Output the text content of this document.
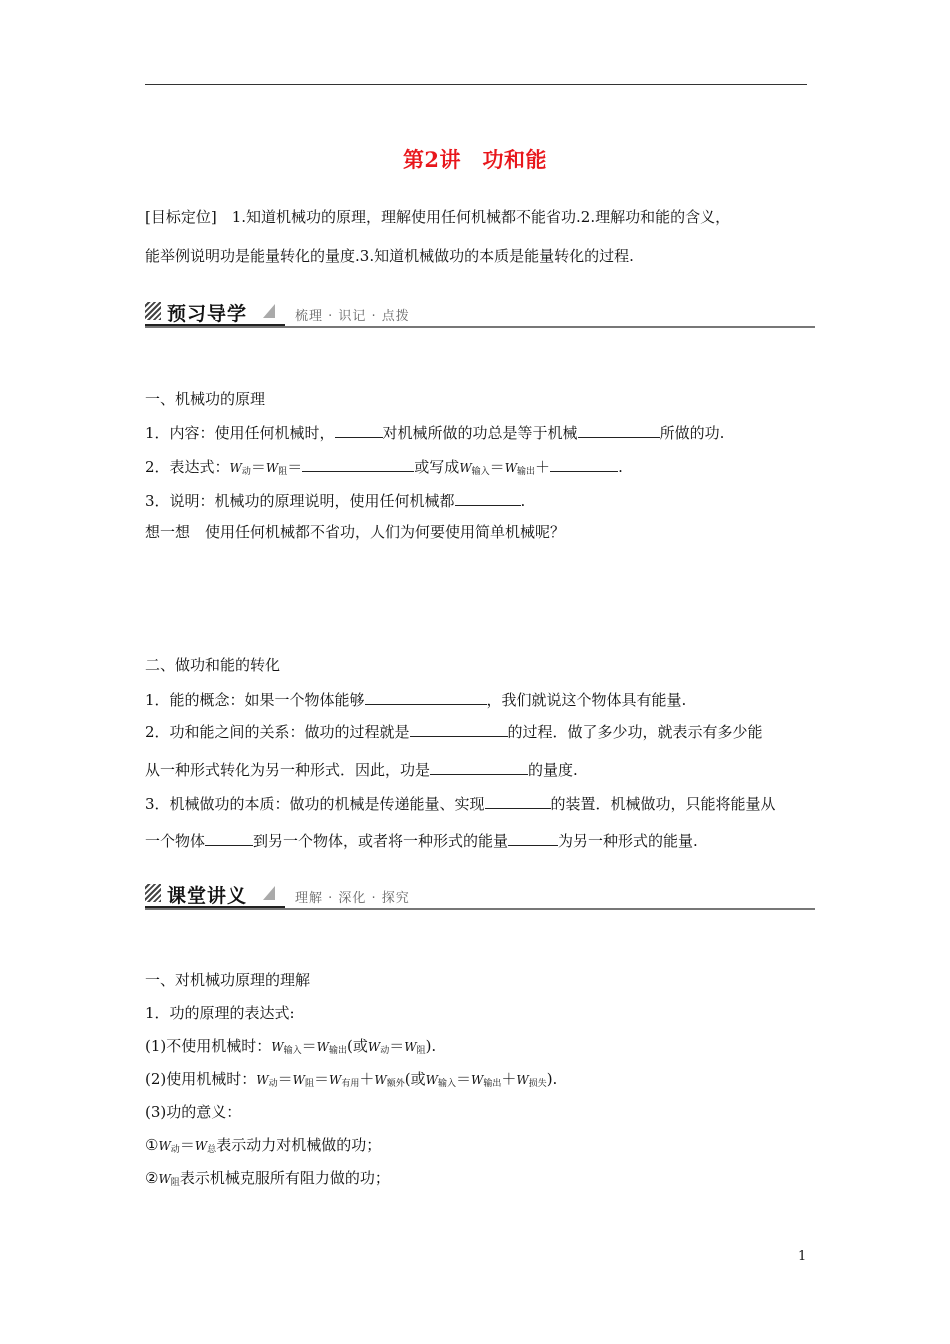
第2讲　功和能
[目标定位]　1.知道机械功的原理，理解使用任何机械都不能省功.2.理解功和能的含义，
能举例说明功是能量转化的量度.3.知道机械做功的本质是能量转化的过程.
预习导学	梳理 · 识记 · 点拨
一、机械功的原理
1．内容：使用任何机械时，	对机械所做的功总是等于机械	所做的功.
2．表达式：$W_动=W_阻=$	或写成$W_{输入}=W_{输出}+$	.
3．说明：机械功的原理说明，使用任何机械都	.
想一想　使用任何机械都不省功，人们为何要使用简单机械呢？
二、做功和能的转化
1．能的概念：如果一个物体能够	，我们就说这个物体具有能量.
2．功和能之间的关系：做功的过程就是	的过程．做了多少功，就表示有多少能
从一种形式转化为另一种形式．因此，功是	的量度.
3．机械做功的本质：做功的机械是传递能量、实现	的装置．机械做功，只能将能量从
一个物体	到另一个物体，或者将一种形式的能量	为另一种形式的能量.
课堂讲义	理解 · 深化 · 探究
一、对机械功原理的理解
1．功的原理的表达式:
(1)不使用机械时：$W_{输入}=W_{输出}$(或$W_动=W_阻$).
(2)使用机械时：$W_动=W_阻=W_{有用}+W_{额外}$(或$W_{输入}=W_{输出}+W_{损失}$).
(3)功的意义：
$①W_动=W_总$表示动力对机械做的功；
$②W_阻$表示机械克服所有阻力做的功；
1
